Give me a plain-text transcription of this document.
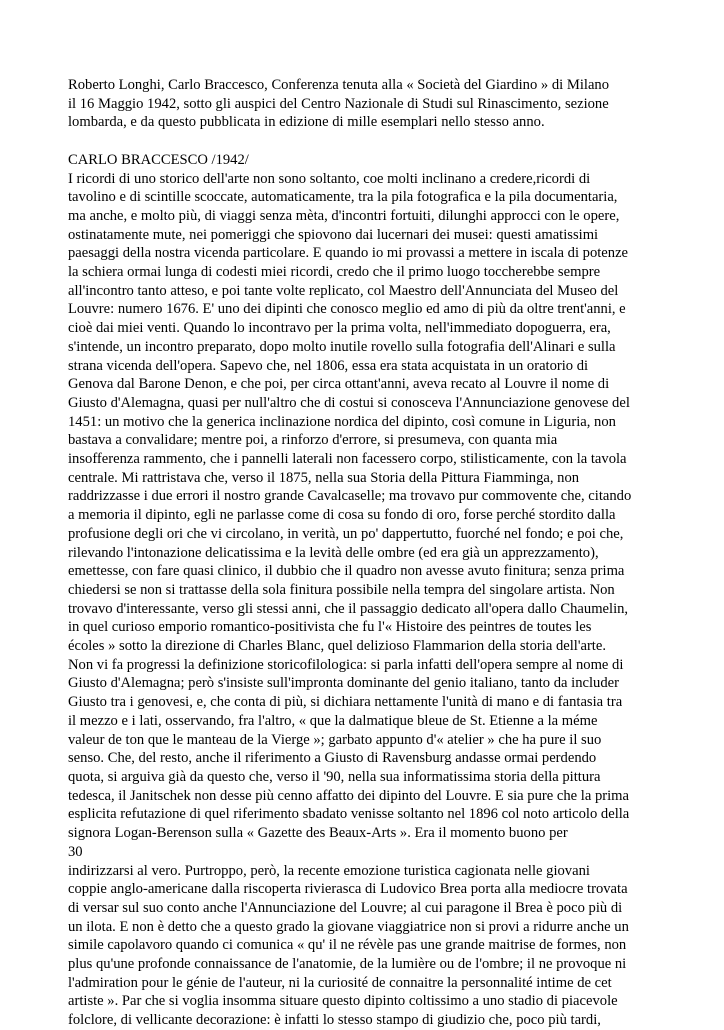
Roberto Longhi, Carlo Braccesco, Conferenza tenuta alla « Società del Giardino » di Milano
il 16 Maggio 1942, sotto gli auspici del Centro Nazionale di Studi sul Rinascimento, sezione
lombarda, e da questo pubblicata in edizione di mille esemplari nello stesso anno.
CARLO BRACCESCO /1942/
I ricordi di uno storico dell'arte non sono soltanto, coe molti inclinano a credere,ricordi di
tavolino e di scintille scoccate, automaticamente, tra la pila fotografica e la pila documentaria,
ma anche, e molto più, di viaggi senza mèta, d'incontri fortuiti, dilunghi approcci con le opere,
ostinatamente mute, nei pomeriggi che spiovono dai lucernari dei musei: questi amatissimi
paesaggi della nostra vicenda particolare. E quando io mi provassi a mettere in iscala di potenze
la schiera ormai lunga di codesti miei ricordi, credo che il primo luogo toccherebbe sempre
all'incontro tanto atteso, e poi tante volte replicato, col Maestro dell'Annunciata del Museo del
Louvre: numero 1676. E' uno dei dipinti che conosco meglio ed amo di più da oltre trent'anni, e
cioè dai miei venti. Quando lo incontravo per la prima volta, nell'immediato dopoguerra, era,
s'intende, un incontro preparato, dopo molto inutile rovello sulla fotografia dell'Alinari e sulla
strana vicenda dell'opera. Sapevo che, nel 1806, essa era stata acquistata in un oratorio di
Genova dal Barone Denon, e che poi, per circa ottant'anni, aveva recato al Louvre il nome di
Giusto d'Alemagna, quasi per null'altro che di costui si conosceva l'Annunciazione genovese del
1451: un motivo che la generica inclinazione nordica del dipinto, così comune in Liguria, non
bastava a convalidare; mentre poi, a rinforzo d'errore, si presumeva, con quanta mia
insofferenza rammento, che i pannelli laterali non facessero corpo, stilisticamente, con la tavola
centrale. Mi rattristava che, verso il 1875, nella sua Storia della Pittura Fiamminga, non
raddrizzasse i due errori il nostro grande Cavalcaselle; ma trovavo pur commovente che, citando
a memoria il dipinto, egli ne parlasse come di cosa su fondo di oro, forse perché stordito dalla
profusione degli ori che vi circolano, in verità, un po' dappertutto, fuorché nel fondo; e poi che,
rilevando l'intonazione delicatissima e la levità delle ombre (ed era già un apprezzamento),
emettesse, con fare quasi clinico, il dubbio che il quadro non avesse avuto finitura; senza prima
chiedersi se non si trattasse della sola finitura possibile nella tempra del singolare artista. Non
trovavo d'interessante, verso gli stessi anni, che il passaggio dedicato all'opera dallo Chaumelin,
in quel curioso emporio romantico-positivista che fu l'« Histoire des peintres de toutes les
écoles » sotto la direzione di Charles Blanc, quel delizioso Flammarion della storia dell'arte.
Non vi fa progressi la definizione storicofilologica: si parla infatti dell'opera sempre al nome di
Giusto d'Alemagna; però s'insiste sull'impronta dominante del genio italiano, tanto da includer
Giusto tra i genovesi, e, che conta di più, si dichiara nettamente l'unità di mano e di fantasia tra
il mezzo e i lati, osservando, fra l'altro, « que la dalmatique bleue de St. Etienne a la méme
valeur de ton que le manteau de la Vierge »; garbato appunto d'« atelier » che ha pure il suo
senso. Che, del resto, anche il riferimento a Giusto di Ravensburg andasse ormai perdendo
quota, si arguiva già da questo che, verso il '90, nella sua informatissima storia della pittura
tedesca, il Janitschek non desse più cenno affatto dei dipinto del Louvre. E sia pure che la prima
esplicita refutazione di quel riferimento sbadato venisse soltanto nel 1896 col noto articolo della
signora Logan-Berenson sulla « Gazette des Beaux-Arts ». Era il momento buono per
30
indirizzarsi al vero. Purtroppo, però, la recente emozione turistica cagionata nelle giovani
coppie anglo-americane dalla riscoperta rivierasca di Ludovico Brea porta alla mediocre trovata
di versar sul suo conto anche l'Annunciazione del Louvre; al cui paragone il Brea è poco più di
un ilota. E non è detto che a questo grado la giovane viaggiatrice non si provi a ridurre anche un
simile capolavoro quando ci comunica « qu' il ne révèle pas une grande maitrise de formes, non
plus qu'une profonde connaissance de l'anatomie, de la lumière ou de l'ombre; il ne provoque ni
l'admiration pour le génie de l'auteur, ni la curiosité de connaitre la personnalité intime de cet
artiste ». Par che si voglia insomma situare questo dipinto coltissimo a uno stadio di piacevole
folclore, di vellicante decorazione: è infatti lo stesso stampo di giudizio che, poco più tardi,
